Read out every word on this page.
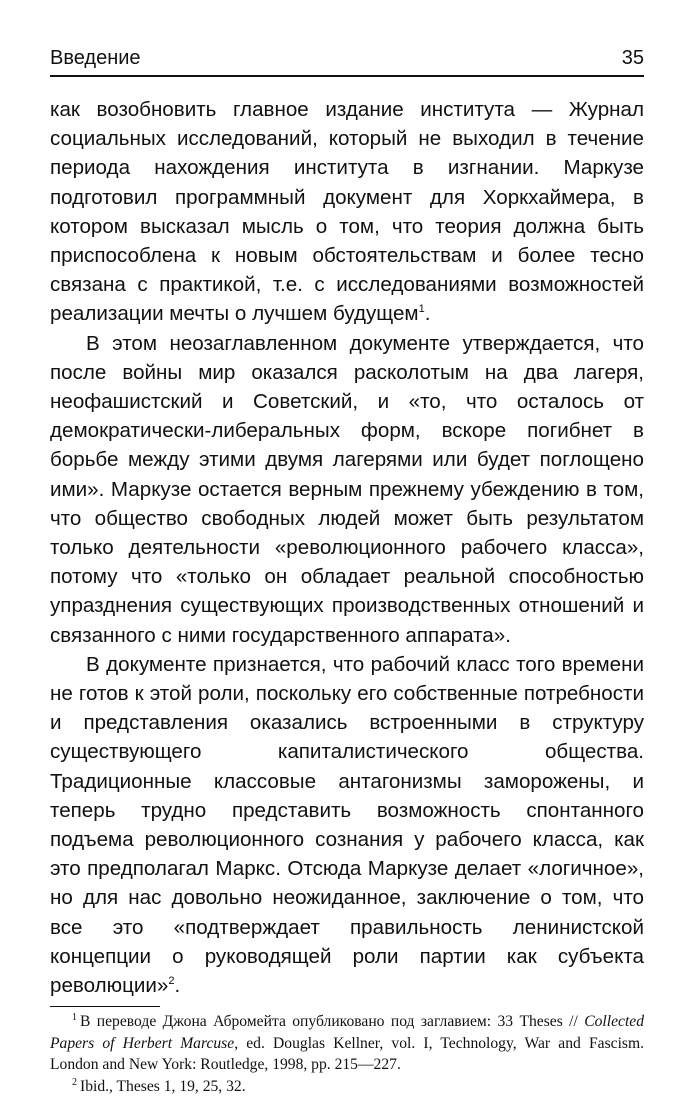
Введение	35

как возобновить главное издание института — Журнал социальных исследований, который не выходил в течение периода нахождения института в изгнании. Маркузе подготовил программный документ для Хоркхаймера, в котором высказал мысль о том, что теория должна быть приспособлена к новым обстоятельствам и более тесно связана с практикой, т.е. с исследованиями возможностей реализации мечты о лучшем будущем$^1$.

В этом неозаглавленном документе утверждается, что после войны мир оказался расколотым на два лагеря, неофашистский и Советский, и «то, что осталось от демократически-либеральных форм, вскоре погибнет в борьбе между этими двумя лагерями или будет поглощено ими». Маркузе остается верным прежнему убеждению в том, что общество свободных людей может быть результатом только деятельности «революционного рабочего класса», потому что «только он обладает реальной способностью упразднения существующих производственных отношений и связанного с ними государственного аппарата».

В документе признается, что рабочий класс того времени не готов к этой роли, поскольку его собственные потребности и представления оказались встроенными в структуру существующего капиталистического общества. Традиционные классовые антагонизмы заморожены, и теперь трудно представить возможность спонтанного подъема революционного сознания у рабочего класса, как это предполагал Маркс. Отсюда Маркузе делает «логичное», но для нас довольно неожиданное, заключение о том, что все это «подтверждает правильность ленинистской концепции о руководящей роли партии как субъекта революции»$^2$.

$^1$ В переводе Джона Абромейта опубликовано под заглавием: 33 Theses // Collected Papers of Herbert Marcuse, ed. Douglas Kellner, vol. I, Technology, War and Fascism. London and New York: Routledge, 1998, pp. 215—227.

$^2$ Ibid., Theses 1, 19, 25, 32.
